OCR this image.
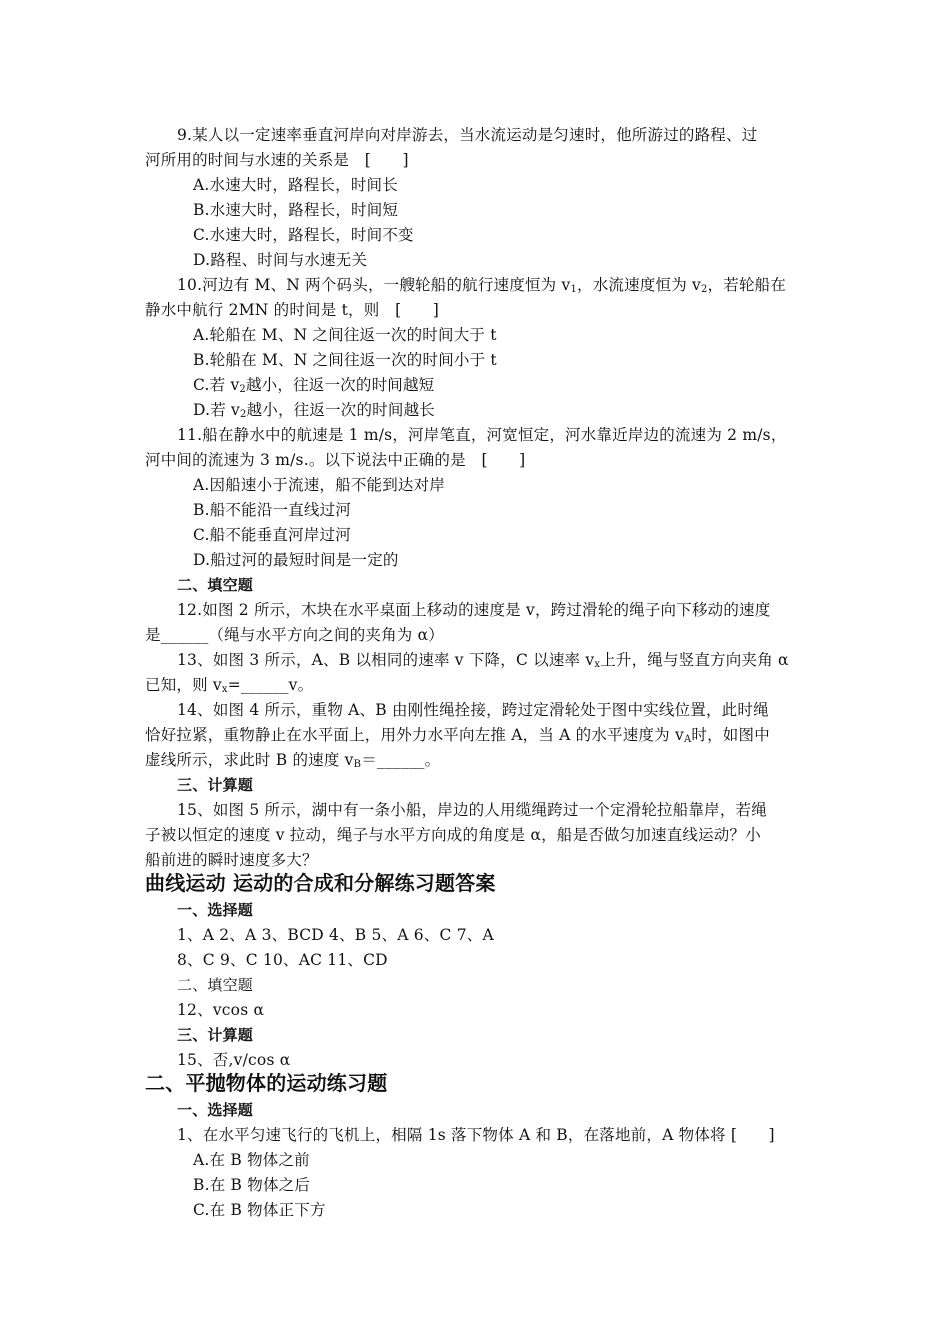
9.某人以一定速率垂直河岸向对岸游去，当水流运动是匀速时，他所游过的路程、过
河所用的时间与水速的关系是　[　　]
A.水速大时，路程长，时间长
B.水速大时，路程长，时间短
C.水速大时，路程长，时间不变
D.路程、时间与水速无关
10.河边有 M、N 两个码头，一艘轮船的航行速度恒为 $v_1$，水流速度恒为 $v_2$，若轮船在
静水中航行 2MN 的时间是 t，则　[　　]
A.轮船在 M、N 之间往返一次的时间大于 t
B.轮船在 M、N 之间往返一次的时间小于 t
C.若 $v_2$越小，往返一次的时间越短
D.若 $v_2$越小，往返一次的时间越长
11.船在静水中的航速是 1 m/s，河岸笔直，河宽恒定，河水靠近岸边的流速为 2 m/s，
河中间的流速为 3 m/s.。以下说法中正确的是　[　　]
A.因船速小于流速，船不能到达对岸
B.船不能沿一直线过河
C.船不能垂直河岸过河
D.船过河的最短时间是一定的
二、填空题
12.如图 2 所示，木块在水平桌面上移动的速度是 v，跨过滑轮的绳子向下移动的速度
是______（绳与水平方向之间的夹角为 α）
13、如图 3 所示，A、B 以相同的速率 v 下降，C 以速率 $v_x$上升，绳与竖直方向夹角 α
已知，则 $v_x=\_\_\_\_\_\_v$。
14、如图 4 所示，重物 A、B 由刚性绳拴接，跨过定滑轮处于图中实线位置，此时绳
恰好拉紧，重物静止在水平面上，用外力水平向左推 A，当 A 的水平速度为 $v_A$时，如图中
虚线所示，求此时 B 的速度 $v_B=\_\_\_\_\_\_$。
三、计算题
15、如图 5 所示，湖中有一条小船，岸边的人用缆绳跨过一个定滑轮拉船靠岸，若绳
子被以恒定的速度 v 拉动，绳子与水平方向成的角度是 α，船是否做匀加速直线运动？小
船前进的瞬时速度多大？
曲线运动 运动的合成和分解练习题答案
一、选择题
1、A 2、A 3、BCD 4、B 5、A 6、C 7、A
8、C 9、C 10、AC 11、CD
二、填空题
12、vcos α
三、计算题
15、否,v/cos α
二、平抛物体的运动练习题
一、选择题
1、在水平匀速飞行的飞机上，相隔 1s 落下物体 A 和 B，在落地前，A 物体将 [　　]
A.在 B 物体之前
B.在 B 物体之后
C.在 B 物体正下方
